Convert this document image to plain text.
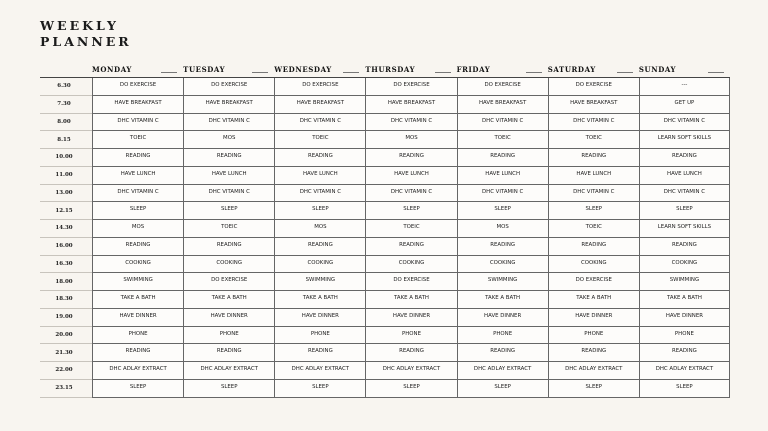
WEEKLY
PLANNER
MONDAY	TUESDAY	WEDNESDAY	THURSDAY	FRIDAY	SATURDAY	SUNDAY
6.30	DO EXERCISE	DO EXERCISE	DO EXERCISE	DO EXERCISE	DO EXERCISE	DO EXERCISE	---
7.30	HAVE BREAKFAST	HAVE BREAKFAST	HAVE BREAKFAST	HAVE BREAKFAST	HAVE BREAKFAST	HAVE BREAKFAST	GET UP
8.00	DHC VITAMIN C	DHC VITAMIN C	DHC VITAMIN C	DHC VITAMIN C	DHC VITAMIN C	DHC VITAMIN C	DHC VITAMIN C
8.15	TOEIC	MOS	TOEIC	MOS	TOEIC	TOEIC	LEARN SOFT SKILLS
10.00	READING	READING	READING	READING	READING	READING	READING
11.00	HAVE LUNCH	HAVE LUNCH	HAVE LUNCH	HAVE LUNCH	HAVE LUNCH	HAVE LUNCH	HAVE LUNCH
13.00	DHC VITAMIN C	DHC VITAMIN C	DHC VITAMIN C	DHC VITAMIN C	DHC VITAMIN C	DHC VITAMIN C	DHC VITAMIN C
12.15	SLEEP	SLEEP	SLEEP	SLEEP	SLEEP	SLEEP	SLEEP
14.30	MOS	TOEIC	MOS	TOEIC	MOS	TOEIC	LEARN SOFT SKILLS
16.00	READING	READING	READING	READING	READING	READING	READING
16.30	COOKING	COOKING	COOKING	COOKING	COOKING	COOKING	COOKING
18.00	SWIMMING	DO EXERCISE	SWIMMING	DO EXERCISE	SWIMMING	DO EXERCISE	SWIMMING
18.30	TAKE A BATH	TAKE A BATH	TAKE A BATH	TAKE A BATH	TAKE A BATH	TAKE A BATH	TAKE A BATH
19.00	HAVE DINNER	HAVE DINNER	HAVE DINNER	HAVE DINNER	HAVE DINNER	HAVE DINNER	HAVE DINNER
20.00	PHONE	PHONE	PHONE	PHONE	PHONE	PHONE	PHONE
21.30	READING	READING	READING	READING	READING	READING	READING
22.00	DHC ADLAY EXTRACT	DHC ADLAY EXTRACT	DHC ADLAY EXTRACT	DHC ADLAY EXTRACT	DHC ADLAY EXTRACT	DHC ADLAY EXTRACT	DHC ADLAY EXTRACT
23.15	SLEEP	SLEEP	SLEEP	SLEEP	SLEEP	SLEEP	SLEEP
